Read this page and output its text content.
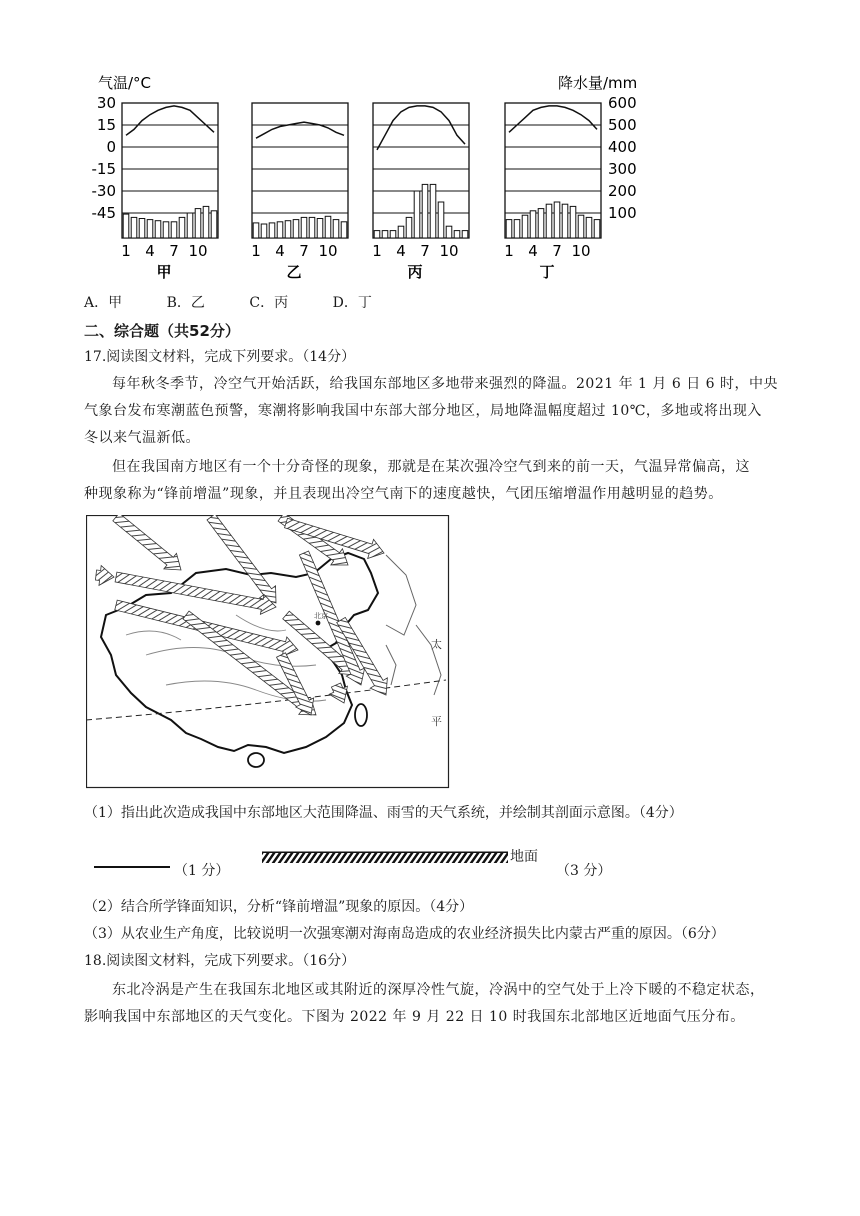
气温/°C	降水量/mm
30
15
0
-15
-30
-45
600
500
400
300
200
100
1 4 7 10
甲
1 4 7 10
乙
1 4 7 10
丙
1 4 7 10
丁
A．甲          B．乙          C．丙          D．丁
二、综合题（共52分）
17.阅读图文材料，完成下列要求。（14分）
每年秋冬季节，冷空气开始活跃，给我国东部地区多地带来强烈的降温。2021 年 1 月 6 日 6 时，中央
气象台发布寒潮蓝色预警，寒潮将影响我国中东部大部分地区，局地降温幅度超过 10℃，多地或将出现入
冬以来气温新低。
但在我国南方地区有一个十分奇怪的现象，那就是在某次强冷空气到来的前一天，气温异常偏高，这
种现象称为“锋前增温”现象，并且表现出冷空气南下的速度越快，气团压缩增温作用越明显的趋势。
北京
太
平
（1）指出此次造成我国中东部地区大范围降温、雨雪的天气系统，并绘制其剖面示意图。（4分）
（1 分）
地面
（3 分）
（2）结合所学锋面知识，分析“锋前增温”现象的原因。（4分）
（3）从农业生产角度，比较说明一次强寒潮对海南岛造成的农业经济损失比内蒙古严重的原因。（6分）
18.阅读图文材料，完成下列要求。（16分）
东北冷涡是产生在我国东北地区或其附近的深厚冷性气旋，冷涡中的空气处于上冷下暖的不稳定状态，
影响我国中东部地区的天气变化。下图为 2022 年 9 月 22 日 10 时我国东北部地区近地面气压分布。
